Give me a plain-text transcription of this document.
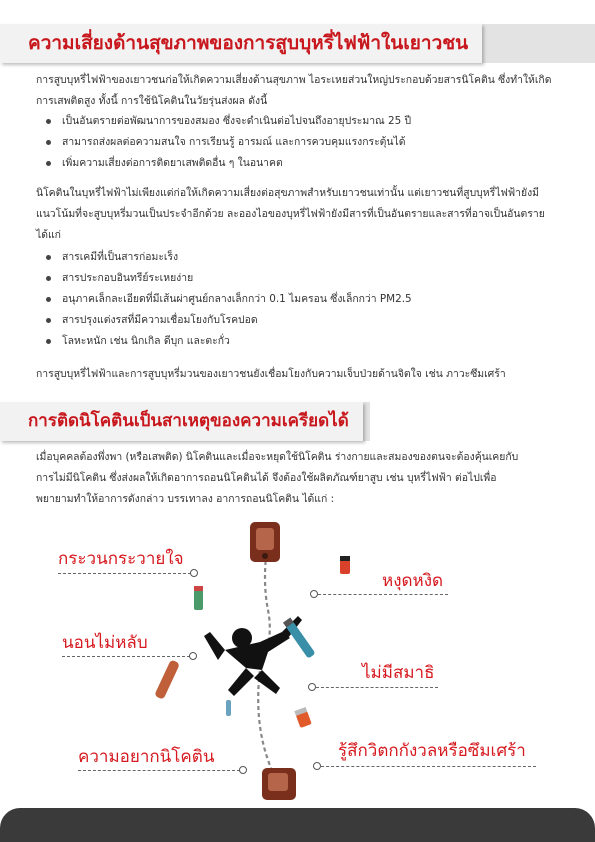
ความเสี่ยงด้านสุขภาพของการสูบบุหรี่ไฟฟ้าในเยาวชน
การสูบบุหรี่ไฟฟ้าของเยาวชนก่อให้เกิดความเสี่ยงด้านสุขภาพ ไอระเหยส่วนใหญ่ประกอบด้วยสารนิโคติน ซึ่งทำให้เกิด
การเสพติดสูง ทั้งนี้ การใช้นิโคตินในวัยรุ่นส่งผล ดังนี้
เป็นอันตรายต่อพัฒนาการของสมอง ซึ่งจะดำเนินต่อไปจนถึงอายุประมาณ 25 ปี
สามารถส่งผลต่อความสนใจ การเรียนรู้ อารมณ์ และการควบคุมแรงกระตุ้นได้
เพิ่มความเสี่ยงต่อการติดยาเสพติดอื่น ๆ ในอนาคต
นิโคตินในบุหรี่ไฟฟ้าไม่เพียงแต่ก่อให้เกิดความเสี่ยงต่อสุขภาพสำหรับเยาวชนเท่านั้น แต่เยาวชนที่สูบบุหรี่ไฟฟ้ายังมี
แนวโน้มที่จะสูบบุหรี่มวนเป็นประจำอีกด้วย ละอองไอของบุหรี่ไฟฟ้ายังมีสารที่เป็นอันตรายและสารที่อาจเป็นอันตราย
ได้แก่
สารเคมีที่เป็นสารก่อมะเร็ง
สารประกอบอินทรีย์ระเหยง่าย
อนุภาคเล็กละเอียดที่มีเส้นผ่าศูนย์กลางเล็กกว่า 0.1 ไมครอน ซึ่งเล็กกว่า PM2.5
สารปรุงแต่งรสที่มีความเชื่อมโยงกับโรคปอด
โลหะหนัก เช่น นิกเกิล ดีบุก และตะกั่ว
การสูบบุหรี่ไฟฟ้าและการสูบบุหรี่มวนของเยาวชนยังเชื่อมโยงกับความเจ็บป่วยด้านจิตใจ เช่น ภาวะซึมเศร้า
การติดนิโคตินเป็นสาเหตุของความเครียดได้
เมื่อบุคคลต้องพึ่งพา (หรือเสพติด) นิโคตินและเมื่อจะหยุดใช้นิโคติน ร่างกายและสมองของตนจะต้องคุ้นเคยกับ
การไม่มีนิโคติน ซึ่งส่งผลให้เกิดอาการถอนนิโคตินได้ จึงต้องใช้ผลิตภัณฑ์ยาสูบ เช่น บุหรี่ไฟฟ้า ต่อไปเพื่อ
พยายามทำให้อาการดังกล่าว บรรเทาลง อาการถอนนิโคติน ได้แก่ :
กระวนกระวายใจ
หงุดหงิด
นอนไม่หลับ
ไม่มีสมาธิ
ความอยากนิโคติน	รู้สึกวิตกกังวลหรือซึมเศร้า
